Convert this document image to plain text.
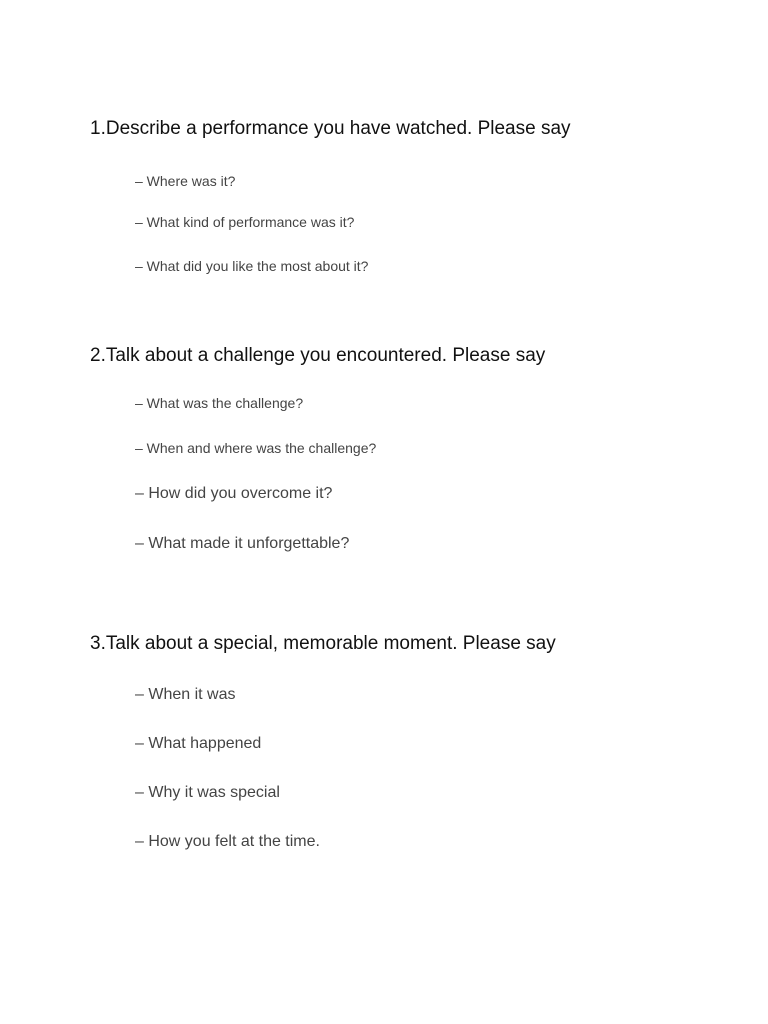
1.Describe a performance you have watched. Please say
– Where was it?
– What kind of performance was it?
– What did you like the most about it?
2.Talk about a challenge you encountered. Please say
– What was the challenge?
– When and where was the challenge?
– How did you overcome it?
– What made it unforgettable?
3.Talk about a special, memorable moment. Please say
– When it was
– What happened
– Why it was special
– How you felt at the time.
